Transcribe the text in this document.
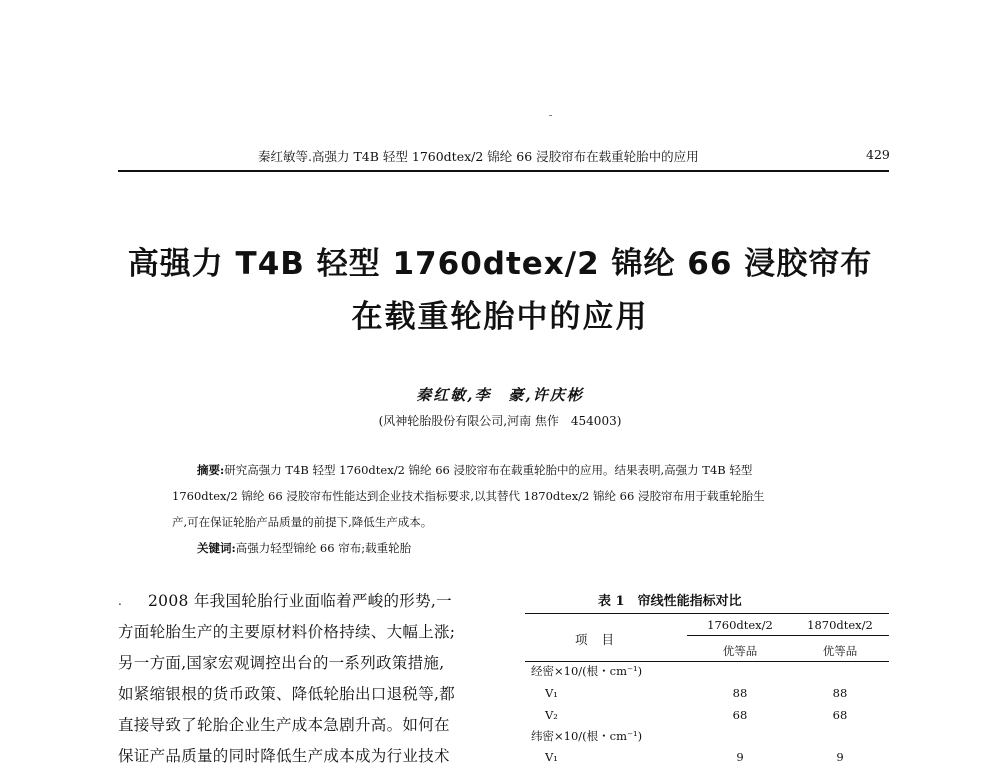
秦红敏等.高强力 T4B 轻型 1760dtex/2 锦纶 66 浸胶帘布在载重轮胎中的应用	429
高强力 T4B 轻型 1760dtex/2 锦纶 66 浸胶帘布
在载重轮胎中的应用
秦红敏,李　豪,许庆彬
(风神轮胎股份有限公司,河南 焦作　454003)
摘要:研究高强力 T4B 轻型 1760dtex/2 锦纶 66 浸胶帘布在载重轮胎中的应用。结果表明,高强力 T4B 轻型
1760dtex/2 锦纶 66 浸胶帘布性能达到企业技术指标要求,以其替代 1870dtex/2 锦纶 66 浸胶帘布用于载重轮胎生
产,可在保证轮胎产品质量的前提下,降低生产成本。
关键词:高强力轻型锦纶 66 帘布;载重轮胎
. 2008 年我国轮胎行业面临着严峻的形势,一
方面轮胎生产的主要原材料价格持续、大幅上涨;
另一方面,国家宏观调控出台的一系列政策措施,
如紧缩银根的货币政策、降低轮胎出口退税等,都
直接导致了轮胎企业生产成本急剧升高。如何在
保证产品质量的同时降低生产成本成为行业技术
表 1　帘线性能指标对比
项目
1760dtex/2	1870dtex/2
优等品	优等品
经密×10/(根・cm⁻¹)
V₁	88	88
V₂	68	68
纬密×10/(根・cm⁻¹)
V₁	9	9
